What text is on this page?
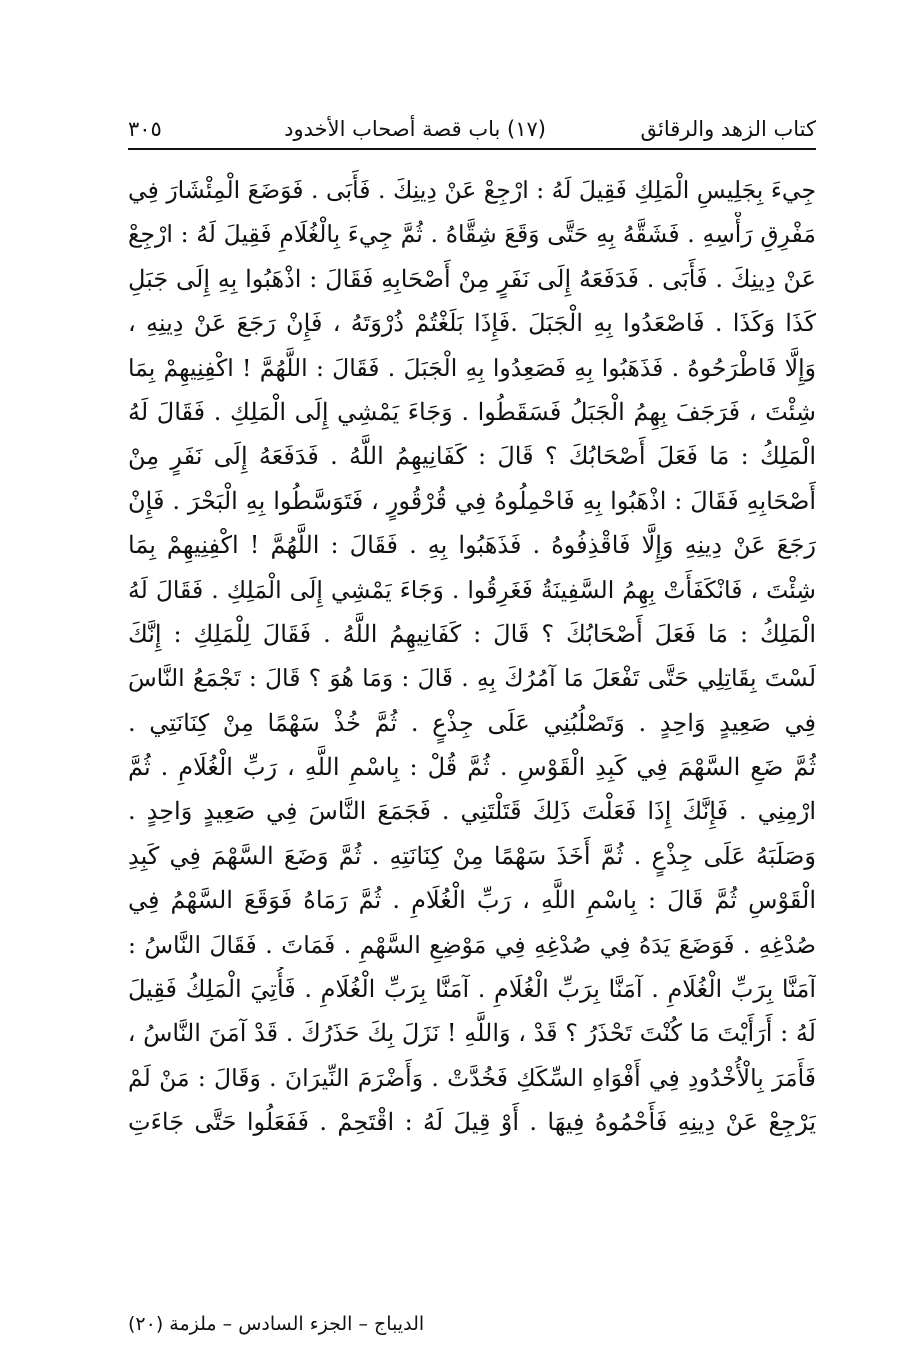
كتاب الزهد والرقائق
(١٧) باب قصة أصحاب الأخدود
٣٠٥
جِيءَ بِجَلِيسِ الْمَلِكِ فَقِيلَ لَهُ : ارْجِعْ عَنْ دِينِكَ . فَأَبَى . فَوَضَعَ الْمِئْشَارَ فِي
مَفْرِقِ رَأْسِهِ . فَشَقَّهُ بِهِ حَتَّى وَقَعَ شِقَّاهُ . ثُمَّ جِيءَ بِالْغُلَامِ فَقِيلَ لَهُ : ارْجِعْ
عَنْ دِينِكَ . فَأَبَى . فَدَفَعَهُ إِلَى نَفَرٍ مِنْ أَصْحَابِهِ فَقَالَ : اذْهَبُوا بِهِ إِلَى جَبَلِ
كَذَا وَكَذَا . فَاصْعَدُوا بِهِ الْجَبَلَ .فَإِذَا بَلَغْتُمْ ذُرْوَتَهُ ، فَإِنْ رَجَعَ عَنْ دِينِهِ ،
وَإِلَّا فَاطْرَحُوهُ . فَذَهَبُوا بِهِ فَصَعِدُوا بِهِ الْجَبَلَ . فَقَالَ : اللَّهُمَّ ! اكْفِنِيهِمْ بِمَا
شِئْتَ ، فَرَجَفَ بِهِمُ الْجَبَلُ فَسَقَطُوا . وَجَاءَ يَمْشِي إِلَى الْمَلِكِ . فَقَالَ لَهُ
الْمَلِكُ : مَا فَعَلَ أَصْحَابُكَ ؟ قَالَ : كَفَانِيهِمُ اللَّهُ . فَدَفَعَهُ إِلَى نَفَرٍ مِنْ
أَصْحَابِهِ فَقَالَ : اذْهَبُوا بِهِ فَاحْمِلُوهُ فِي قُرْقُورٍ ، فَتَوَسَّطُوا بِهِ الْبَحْرَ . فَإِنْ
رَجَعَ عَنْ دِينِهِ وَإِلَّا فَاقْذِفُوهُ . فَذَهَبُوا بِهِ . فَقَالَ : اللَّهُمَّ ! اكْفِنِيهِمْ بِمَا
شِئْتَ ، فَانْكَفَأَتْ بِهِمُ السَّفِينَةُ فَغَرِقُوا . وَجَاءَ يَمْشِي إِلَى الْمَلِكِ . فَقَالَ لَهُ
الْمَلِكُ : مَا فَعَلَ أَصْحَابُكَ ؟ قَالَ : كَفَانِيهِمُ اللَّهُ . فَقَالَ لِلْمَلِكِ : إِنَّكَ
لَسْتَ بِقَاتِلِي حَتَّى تَفْعَلَ مَا آمُرُكَ بِهِ . قَالَ : وَمَا هُوَ ؟ قَالَ : تَجْمَعُ النَّاسَ
فِي صَعِيدٍ وَاحِدٍ . وَتَصْلُبُنِي عَلَى جِذْعٍ . ثُمَّ خُذْ سَهْمًا مِنْ كِنَانَتِي .
ثُمَّ ضَعِ السَّهْمَ فِي كَبِدِ الْقَوْسِ . ثُمَّ قُلْ : بِاسْمِ اللَّهِ ، رَبِّ الْغُلَامِ . ثُمَّ
ارْمِنِي . فَإِنَّكَ إِذَا فَعَلْتَ ذَلِكَ قَتَلْتَنِي . فَجَمَعَ النَّاسَ فِي صَعِيدٍ وَاحِدٍ .
وَصَلَبَهُ عَلَى جِذْعٍ . ثُمَّ أَخَذَ سَهْمًا مِنْ كِنَانَتِهِ . ثُمَّ وَضَعَ السَّهْمَ فِي كَبِدِ
الْقَوْسِ ثُمَّ قَالَ : بِاسْمِ اللَّهِ ، رَبِّ الْغُلَامِ . ثُمَّ رَمَاهُ فَوَقَعَ السَّهْمُ فِي
صُدْغِهِ . فَوَضَعَ يَدَهُ فِي صُدْغِهِ فِي مَوْضِعِ السَّهْمِ . فَمَاتَ . فَقَالَ النَّاسُ :
آمَنَّا بِرَبِّ الْغُلَامِ . آمَنَّا بِرَبِّ الْغُلَامِ . آمَنَّا بِرَبِّ الْغُلَامِ . فَأُتِيَ الْمَلِكُ فَقِيلَ
لَهُ : أَرَأَيْتَ مَا كُنْتَ تَحْذَرُ ؟ قَدْ ، وَاللَّهِ ! نَزَلَ بِكَ حَذَرُكَ . قَدْ آمَنَ النَّاسُ ،
فَأَمَرَ بِالْأُخْدُودِ فِي أَفْوَاهِ السِّكَكِ فَخُدَّتْ . وَأَضْرَمَ النِّيرَانَ . وَقَالَ : مَنْ لَمْ
يَرْجِعْ عَنْ دِينِهِ فَأَحْمُوهُ فِيهَا . أَوْ قِيلَ لَهُ : اقْتَحِمْ . فَفَعَلُوا حَتَّى جَاءَتِ
الديباج – الجزء السادس – ملزمة (٢٠)
